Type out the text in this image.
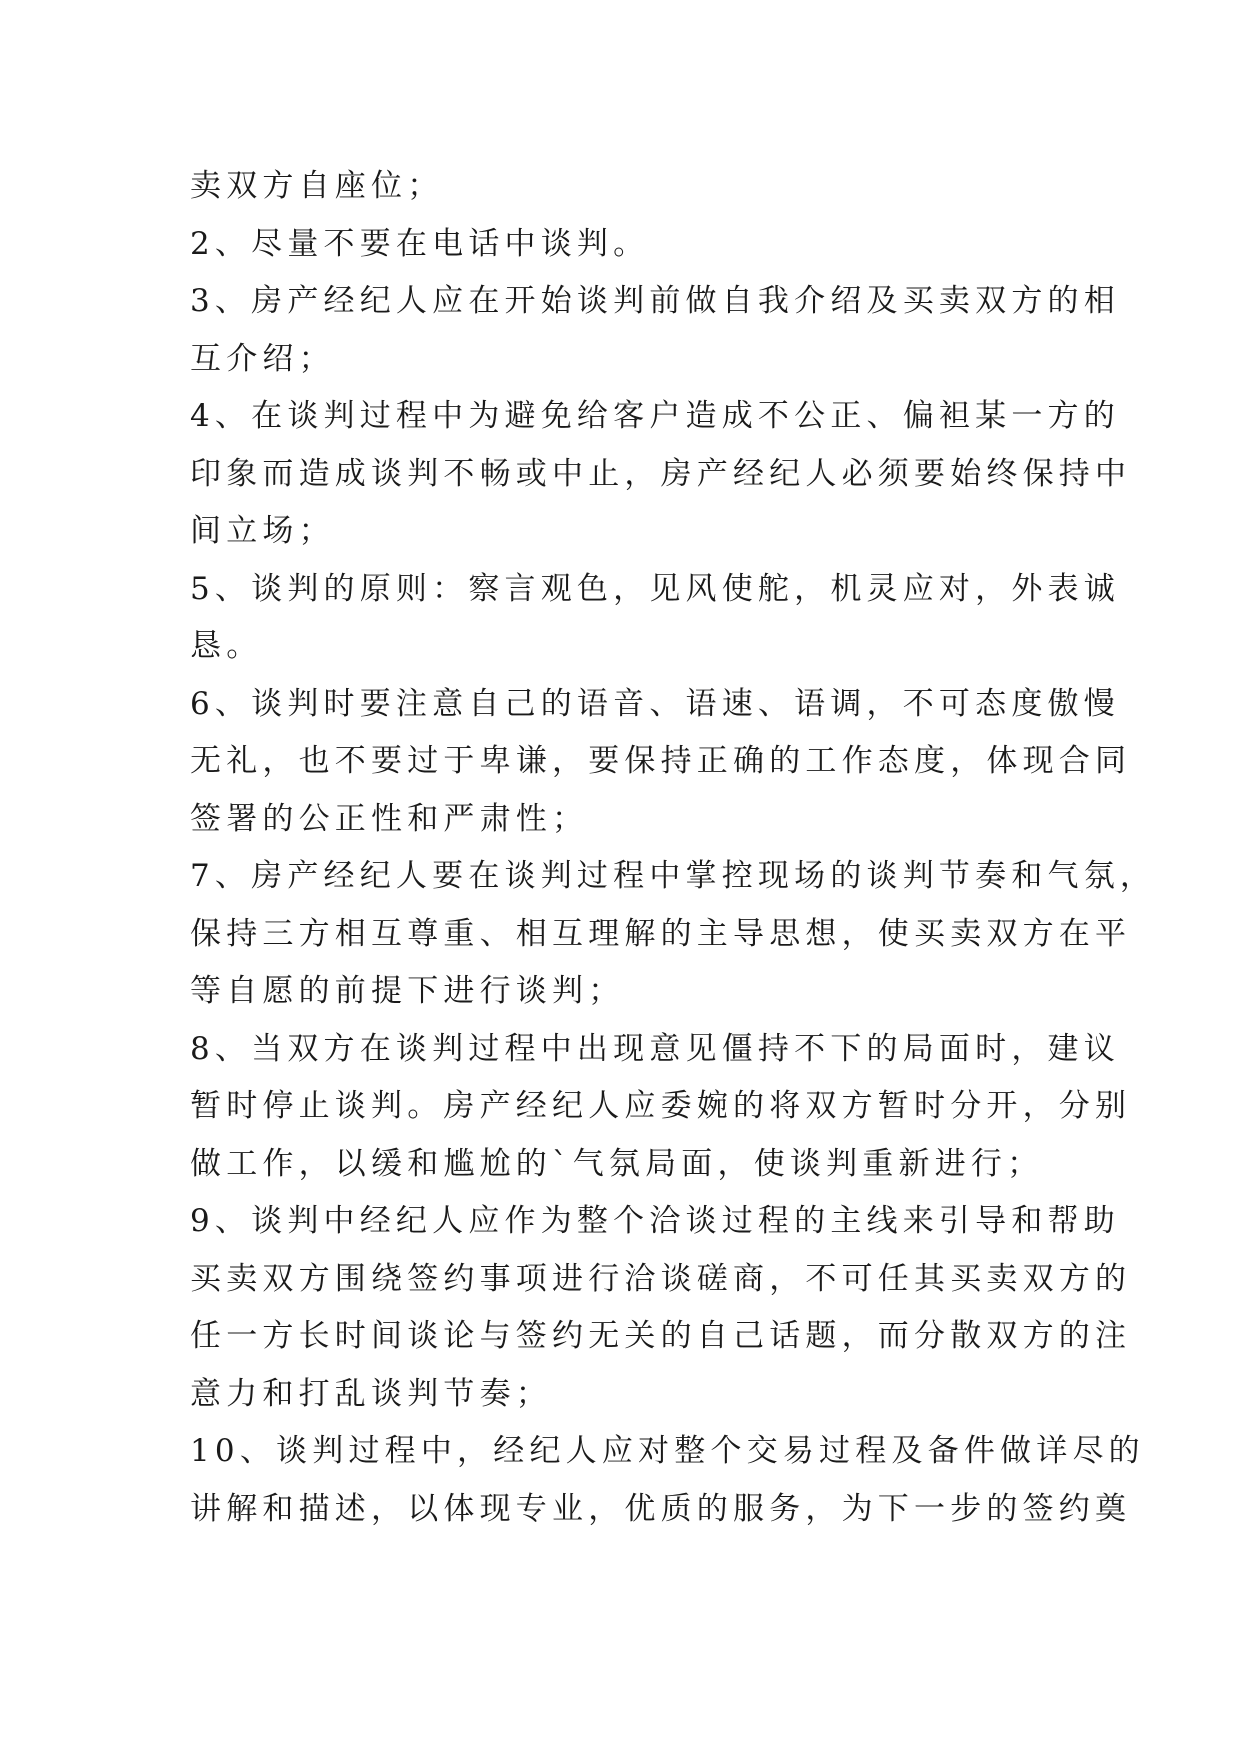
卖双方自座位；
2、尽量不要在电话中谈判。
3、房产经纪人应在开始谈判前做自我介绍及买卖双方的相
互介绍；
4、在谈判过程中为避免给客户造成不公正、偏袒某一方的
印象而造成谈判不畅或中止，房产经纪人必须要始终保持中
间立场；
5、谈判的原则：察言观色，见风使舵，机灵应对，外表诚
恳。
6、谈判时要注意自己的语音、语速、语调，不可态度傲慢
无礼，也不要过于卑谦，要保持正确的工作态度，体现合同
签署的公正性和严肃性；
7、房产经纪人要在谈判过程中掌控现场的谈判节奏和气氛，
保持三方相互尊重、相互理解的主导思想，使买卖双方在平
等自愿的前提下进行谈判；
8、当双方在谈判过程中出现意见僵持不下的局面时，建议
暂时停止谈判。房产经纪人应委婉的将双方暂时分开，分别
做工作，以缓和尴尬的`气氛局面，使谈判重新进行；
9、谈判中经纪人应作为整个洽谈过程的主线来引导和帮助
买卖双方围绕签约事项进行洽谈磋商，不可任其买卖双方的
任一方长时间谈论与签约无关的自己话题，而分散双方的注
意力和打乱谈判节奏；
10、谈判过程中，经纪人应对整个交易过程及备件做详尽的
讲解和描述，以体现专业，优质的服务，为下一步的签约奠
